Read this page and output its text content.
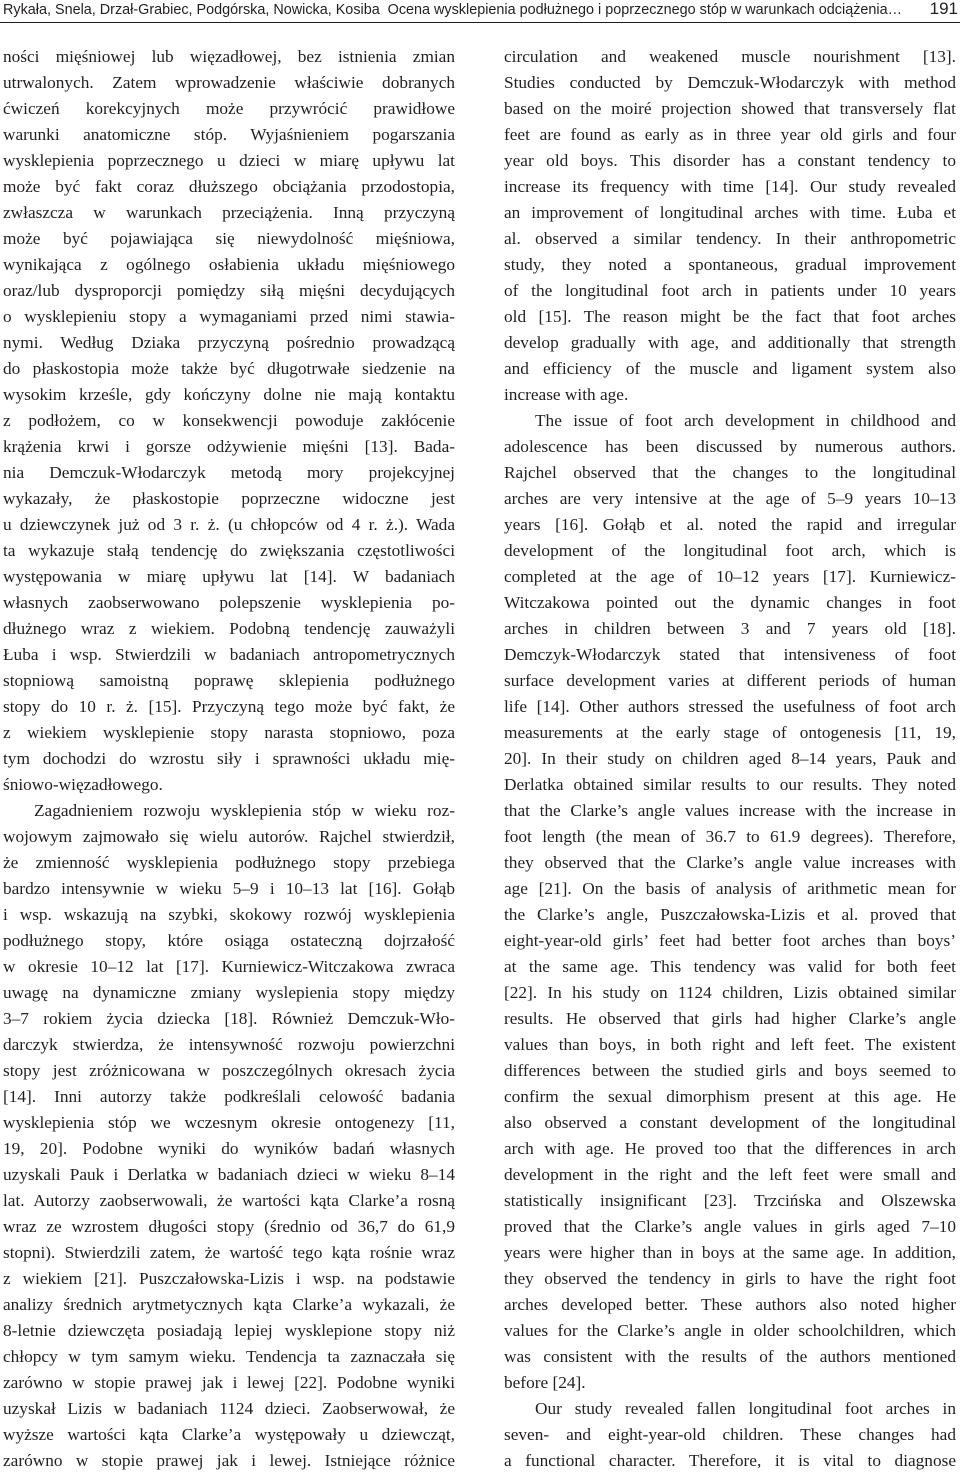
Rykała, Snela, Drzał-Grabiec, Podgórska, Nowicka, Kosiba Ocena wysklepienia podłużnego i poprzecznego stóp w warunkach odciążenia… 191
ności mięśniowej lub więzadłowej, bez istnienia zmian
utrwalonych. Zatem wprowadzenie właściwie dobranych
ćwiczeń korekcyjnych może przywrócić prawidłowe
warunki anatomiczne stóp. Wyjaśnieniem pogarszania
wysklepienia poprzecznego u dzieci w miarę upływu lat
może być fakt coraz dłuższego obciążania przodostopia,
zwłaszcza w warunkach przeciążenia. Inną przyczyną
może być pojawiająca się niewydolność mięśniowa,
wynikająca z ogólnego osłabienia układu mięśniowego
oraz/lub dysproporcji pomiędzy siłą mięśni decydujących
o wysklepieniu stopy a wymaganiami przed nimi stawia-
nymi. Według Dziaka przyczyną pośrednio prowadzącą
do płaskostopia może także być długotrwałe siedzenie na
wysokim krześle, gdy kończyny dolne nie mają kontaktu
z podłożem, co w konsekwencji powoduje zakłócenie
krążenia krwi i gorsze odżywienie mięśni [13]. Bada-
nia Demczuk-Włodarczyk metodą mory projekcyjnej
wykazały, że płaskostopie poprzeczne widoczne jest
u dziewczynek już od 3 r. ż. (u chłopców od 4 r. ż.). Wada
ta wykazuje stałą tendencję do zwiększania częstotliwości
występowania w miarę upływu lat [14]. W badaniach
własnych zaobserwowano polepszenie wysklepienia po-
dłużnego wraz z wiekiem. Podobną tendencję zauważyli
Łuba i wsp. Stwierdzili w badaniach antropometrycznych
stopniową samoistną poprawę sklepienia podłużnego
stopy do 10 r. ż. [15]. Przyczyną tego może być fakt, że
z wiekiem wysklepienie stopy narasta stopniowo, poza
tym dochodzi do wzrostu siły i sprawności układu mię-
śniowo-więzadłowego.
Zagadnieniem rozwoju wysklepienia stóp w wieku roz-
wojowym zajmowało się wielu autorów. Rajchel stwierdził,
że zmienność wysklepienia podłużnego stopy przebiega
bardzo intensywnie w wieku 5–9 i 10–13 lat [16]. Gołąb
i wsp. wskazują na szybki, skokowy rozwój wysklepienia
podłużnego stopy, które osiąga ostateczną dojrzałość
w okresie 10–12 lat [17]. Kurniewicz-Witczakowa zwraca
uwagę na dynamiczne zmiany wyslepienia stopy między
3–7 rokiem życia dziecka [18]. Również Demczuk-Wło-
darczyk stwierdza, że intensywność rozwoju powierzchni
stopy jest zróżnicowana w poszczególnych okresach życia
[14]. Inni autorzy także podkreślali celowość badania
wysklepienia stóp we wczesnym okresie ontogenezy [11,
19, 20]. Podobne wyniki do wyników badań własnych
uzyskali Pauk i Derlatka w badaniach dzieci w wieku 8–14
lat. Autorzy zaobserwowali, że wartości kąta Clarke’a rosną
wraz ze wzrostem długości stopy (średnio od 36,7 do 61,9
stopni). Stwierdzili zatem, że wartość tego kąta rośnie wraz
z wiekiem [21]. Puszczałowska-Lizis i wsp. na podstawie
analizy średnich arytmetycznych kąta Clarke’a wykazali, że
8-letnie dziewczęta posiadają lepiej wysklepione stopy niż
chłopcy w tym samym wieku. Tendencja ta zaznaczała się
zarówno w stopie prawej jak i lewej [22]. Podobne wyniki
uzyskał Lizis w badaniach 1124 dzieci. Zaobserwował, że
wyższe wartości kąta Clarke’a występowały u dziewcząt,
zarówno w stopie prawej jak i lewej. Istniejące różnice
circulation and weakened muscle nourishment [13].
Studies conducted by Demczuk-Włodarczyk with method
based on the moiré projection showed that transversely flat
feet are found as early as in three year old girls and four
year old boys. This disorder has a constant tendency to
increase its frequency with time [14]. Our study revealed
an improvement of longitudinal arches with time. Łuba et
al. observed a similar tendency. In their anthropometric
study, they noted a spontaneous, gradual improvement
of the longitudinal foot arch in patients under 10 years
old [15]. The reason might be the fact that foot arches
develop gradually with age, and additionally that strength
and efficiency of the muscle and ligament system also
increase with age.
The issue of foot arch development in childhood and
adolescence has been discussed by numerous authors.
Rajchel observed that the changes to the longitudinal
arches are very intensive at the age of 5–9 years 10–13
years [16]. Gołąb et al. noted the rapid and irregular
development of the longitudinal foot arch, which is
completed at the age of 10–12 years [17]. Kurniewicz-
Witczakowa pointed out the dynamic changes in foot
arches in children between 3 and 7 years old [18].
Demczyk-Włodarczyk stated that intensiveness of foot
surface development varies at different periods of human
life [14]. Other authors stressed the usefulness of foot arch
measurements at the early stage of ontogenesis [11, 19,
20]. In their study on children aged 8–14 years, Pauk and
Derlatka obtained similar results to our results. They noted
that the Clarke’s angle values increase with the increase in
foot length (the mean of 36.7 to 61.9 degrees). Therefore,
they observed that the Clarke’s angle value increases with
age [21]. On the basis of analysis of arithmetic mean for
the Clarke’s angle, Puszczałowska-Lizis et al. proved that
eight-year-old girls’ feet had better foot arches than boys’
at the same age. This tendency was valid for both feet
[22]. In his study on 1124 children, Lizis obtained similar
results. He observed that girls had higher Clarke’s angle
values than boys, in both right and left feet. The existent
differences between the studied girls and boys seemed to
confirm the sexual dimorphism present at this age. He
also observed a constant development of the longitudinal
arch with age. He proved too that the differences in arch
development in the right and the left feet were small and
statistically insignificant [23]. Trzcińska and Olszewska
proved that the Clarke’s angle values in girls aged 7–10
years were higher than in boys at the same age. In addition,
they observed the tendency in girls to have the right foot
arches developed better. These authors also noted higher
values for the Clarke’s angle in older schoolchildren, which
was consistent with the results of the authors mentioned
before [24].
Our study revealed fallen longitudinal foot arches in
seven- and eight-year-old children. These changes had
a functional character. Therefore, it is vital to diagnose
